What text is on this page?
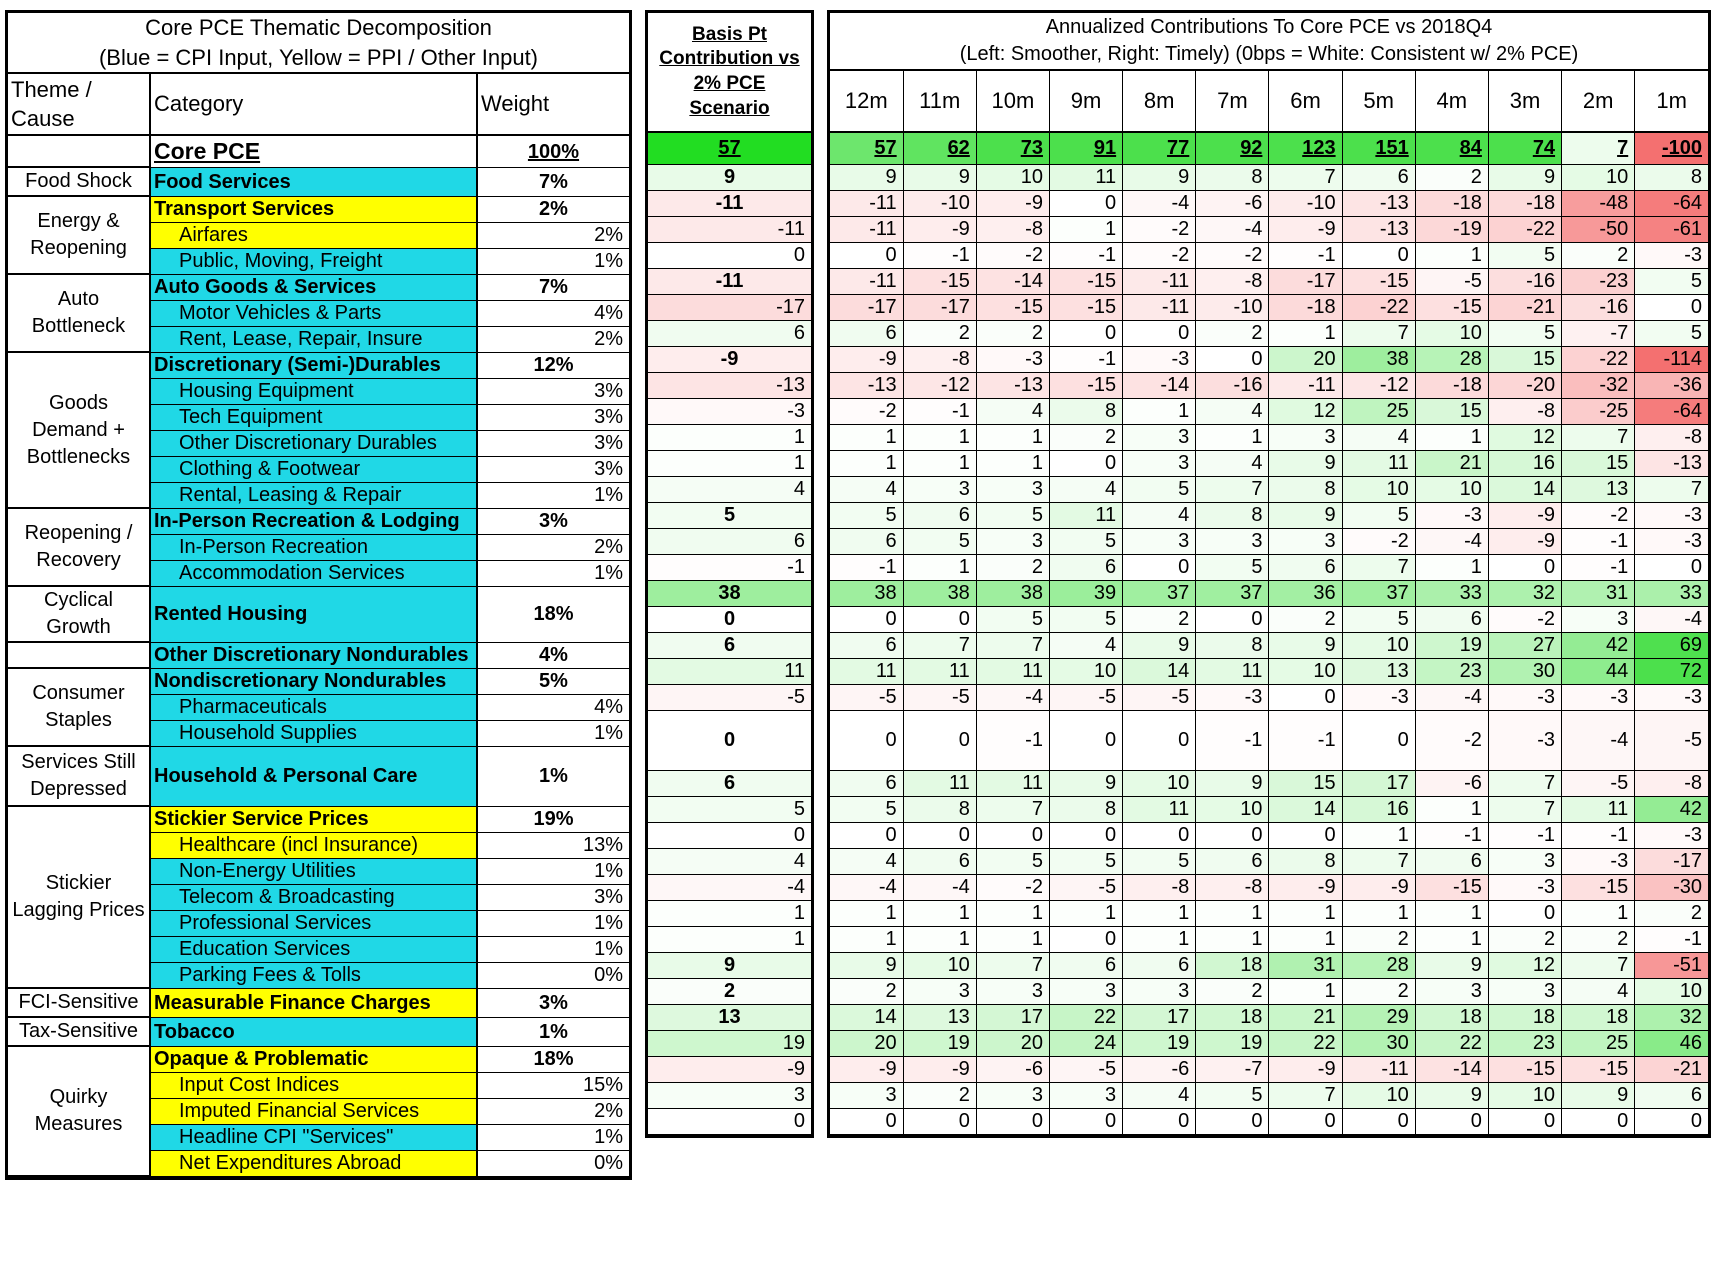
Core PCE Thematic Decomposition
(Blue = CPI Input, Yellow = PPI / Other Input)		

Theme / Cause	Category	Weight
	Core PCE	100%
Food Shock	Food Services	7%
Energy & Reopening	Transport Services	2%
	Airfares	2%
	Public, Moving, Freight	1%
Auto Bottleneck	Auto Goods & Services	7%
	Motor Vehicles & Parts	4%
	Rent, Lease, Repair, Insure	2%
Goods Demand + Bottlenecks	Discretionary (Semi-)Durables	12%
	Housing Equipment	3%
	Tech Equipment	3%
	Other Discretionary Durables	3%
	Clothing & Footwear	3%
	Rental, Leasing & Repair	1%
Reopening / Recovery	In-Person Recreation & Lodging	3%
	In-Person Recreation	2%
	Accommodation Services	1%
Cyclical Growth	Rented Housing	18%
	Other Discretionary Nondurables	4%
Consumer Staples	Nondiscretionary Nondurables	5%
	Pharmaceuticals	4%
	Household Supplies	1%
Services Still Depressed	Household & Personal Care	1%
Stickier Lagging Prices	Stickier Service Prices	19%
	Healthcare (incl Insurance)	13%
	Non-Energy Utilities	1%
	Telecom & Broadcasting	3%
	Professional Services	1%
	Education Services	1%
	Parking Fees & Tolls	0%
FCI-Sensitive	Measurable Finance Charges	3%
Tax-Sensitive	Tobacco	1%
Quirky Measures	Opaque & Problematic	18%
	Input Cost Indices	15%
	Imputed Financial Services	2%
	Headline CPI "Services"	1%
	Net Expenditures Abroad	0%
Basis Pt Contribution vs 2% PCE Scenario
57
9
-11
-11
0
-11
-17
6
-9
-13
-3
1
1
4
5
6
-1
38
0
6
11
-5
0
6
5
0
4
-4
1
1
9
2
13
19
-9
3
0
Annualized Contributions To Core PCE vs 2018Q4
(Left: Smoother, Right: Timely) (0bps = White: Consistent w/ 2% PCE)											

12m	11m	10m	9m	8m	7m	6m	5m	4m	3m	2m	1m
57	62	73	91	77	92	123	151	84	74	7	-100
9	9	10	11	9	8	7	6	2	9	10	8
-11	-10	-9	0	-4	-6	-10	-13	-18	-18	-48	-64
-11	-9	-8	1	-2	-4	-9	-13	-19	-22	-50	-61
0	-1	-2	-1	-2	-2	-1	0	1	5	2	-3
-11	-15	-14	-15	-11	-8	-17	-15	-5	-16	-23	5
-17	-17	-15	-15	-11	-10	-18	-22	-15	-21	-16	0
6	2	2	0	0	2	1	7	10	5	-7	5
-9	-8	-3	-1	-3	0	20	38	28	15	-22	-114
-13	-12	-13	-15	-14	-16	-11	-12	-18	-20	-32	-36
-2	-1	4	8	1	4	12	25	15	-8	-25	-64
1	1	1	2	3	1	3	4	1	12	7	-8
1	1	1	0	3	4	9	11	21	16	15	-13
4	3	3	4	5	7	8	10	10	14	13	7
5	6	5	11	4	8	9	5	-3	-9	-2	-3
6	5	3	5	3	3	3	-2	-4	-9	-1	-3
-1	1	2	6	0	5	6	7	1	0	-1	0
38	38	38	39	37	37	36	37	33	32	31	33
0	0	5	5	2	0	2	5	6	-2	3	-4
6	7	7	4	9	8	9	10	19	27	42	69
11	11	11	10	14	11	10	13	23	30	44	72
-5	-5	-4	-5	-5	-3	0	-3	-4	-3	-3	-3
0	0	-1	0	0	-1	-1	0	-2	-3	-4	-5
6	11	11	9	10	9	15	17	-6	7	-5	-8
5	8	7	8	11	10	14	16	1	7	11	42
0	0	0	0	0	0	0	1	-1	-1	-1	-3
4	6	5	5	5	6	8	7	6	3	-3	-17
-4	-4	-2	-5	-8	-8	-9	-9	-15	-3	-15	-30
1	1	1	1	1	1	1	1	1	0	1	2
1	1	1	0	1	1	1	2	1	2	2	-1
9	10	7	6	6	18	31	28	9	12	7	-51
2	3	3	3	3	2	1	2	3	3	4	10
14	13	17	22	17	18	21	29	18	18	18	32
20	19	20	24	19	19	22	30	22	23	25	46
-9	-9	-6	-5	-6	-7	-9	-11	-14	-15	-15	-21
3	2	3	3	4	5	7	10	9	10	9	6
0	0	0	0	0	0	0	0	0	0	0	0
